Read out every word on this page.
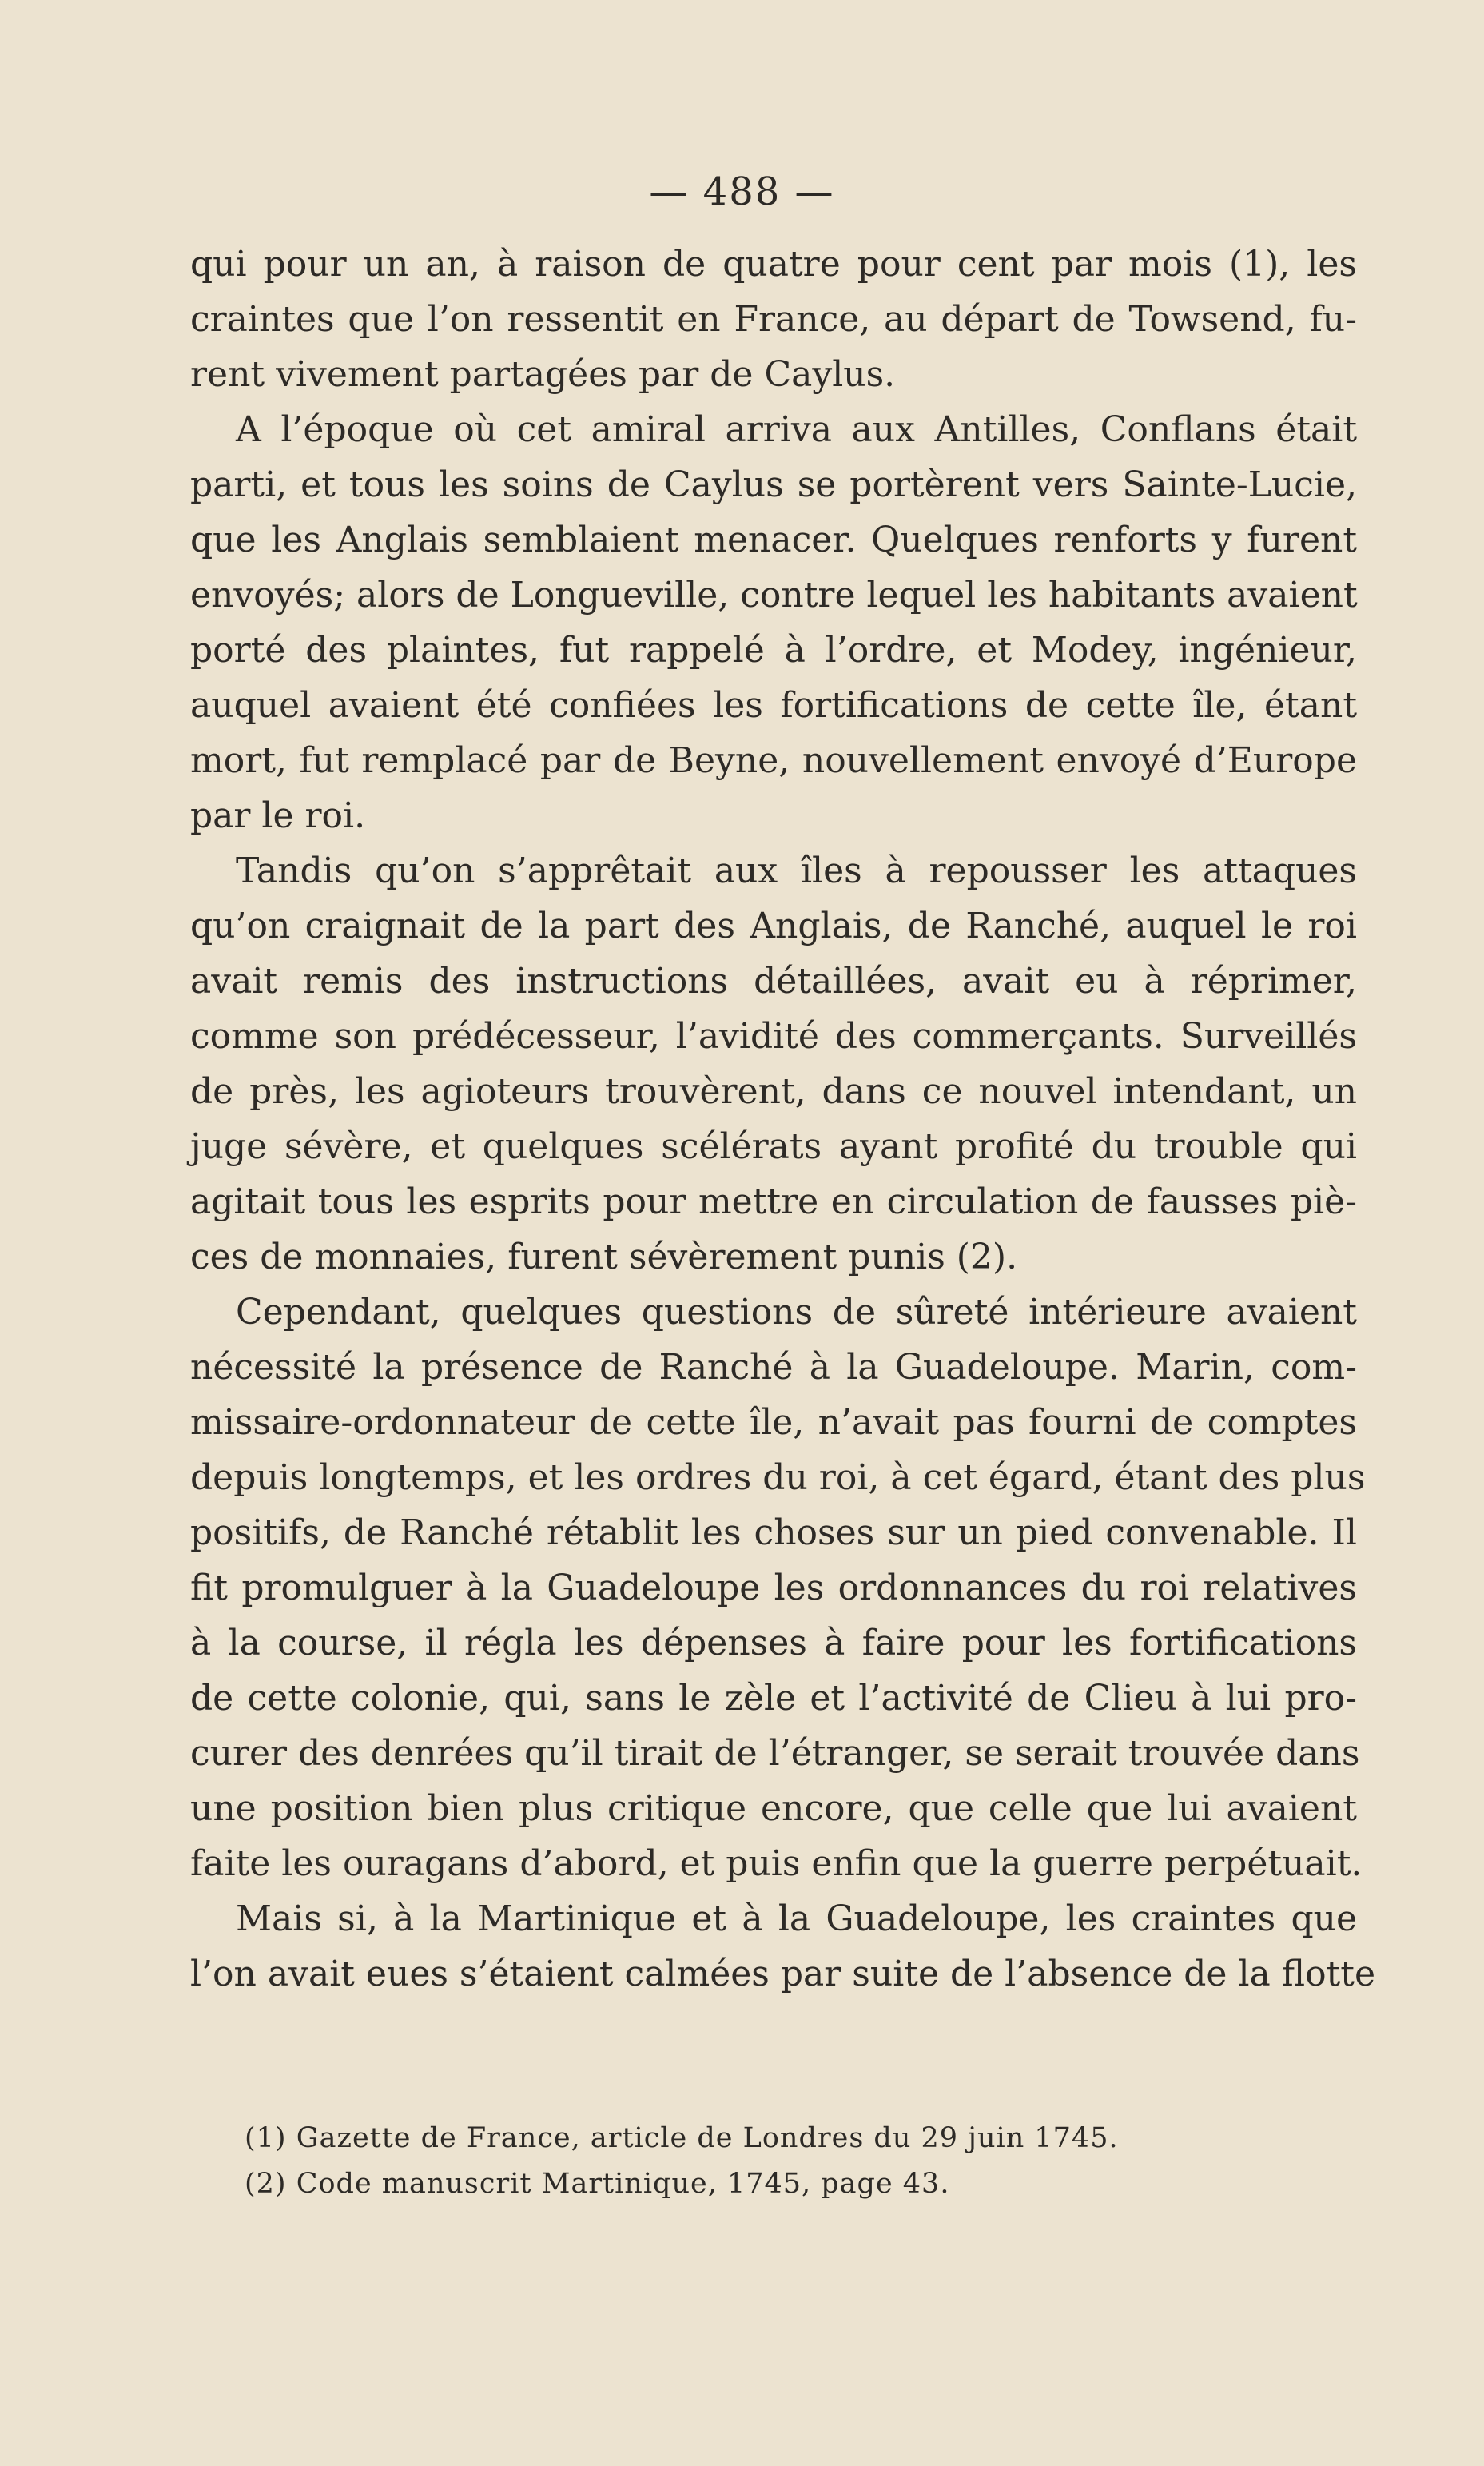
— 488 —
qui pour un an, à raison de quatre pour cent par mois (1), les
craintes que l’on ressentit en France, au départ de Towsend, fu-
rent vivement partagées par de Caylus.
A l’époque où cet amiral arriva aux Antilles, Conflans était
parti, et tous les soins de Caylus se portèrent vers Sainte-Lucie,
que les Anglais semblaient menacer. Quelques renforts y furent
envoyés; alors de Longueville, contre lequel les habitants avaient
porté des plaintes, fut rappelé à l’ordre, et Modey, ingénieur,
auquel avaient été confiées les fortifications de cette île, étant
mort, fut remplacé par de Beyne, nouvellement envoyé d’Europe
par le roi.
Tandis qu’on s’apprêtait aux îles à repousser les attaques
qu’on craignait de la part des Anglais, de Ranché, auquel le roi
avait remis des instructions détaillées, avait eu à réprimer,
comme son prédécesseur, l’avidité des commerçants. Surveillés
de près, les agioteurs trouvèrent, dans ce nouvel intendant, un
juge sévère, et quelques scélérats ayant profité du trouble qui
agitait tous les esprits pour mettre en circulation de fausses piè-
ces de monnaies, furent sévèrement punis (2).
Cependant, quelques questions de sûreté intérieure avaient
nécessité la présence de Ranché à la Guadeloupe. Marin, com-
missaire-ordonnateur de cette île, n’avait pas fourni de comptes
depuis longtemps, et les ordres du roi, à cet égard, étant des plus
positifs, de Ranché rétablit les choses sur un pied convenable. Il
fit promulguer à la Guadeloupe les ordonnances du roi relatives
à la course, il régla les dépenses à faire pour les fortifications
de cette colonie, qui, sans le zèle et l’activité de Clieu à lui pro-
curer des denrées qu’il tirait de l’étranger, se serait trouvée dans
une position bien plus critique encore, que celle que lui avaient
faite les ouragans d’abord, et puis enfin que la guerre perpétuait.
Mais si, à la Martinique et à la Guadeloupe, les craintes que
l’on avait eues s’étaient calmées par suite de l’absence de la flotte
(1) Gazette de France, article de Londres du 29 juin 1745.
(2) Code manuscrit Martinique, 1745, page 43.
